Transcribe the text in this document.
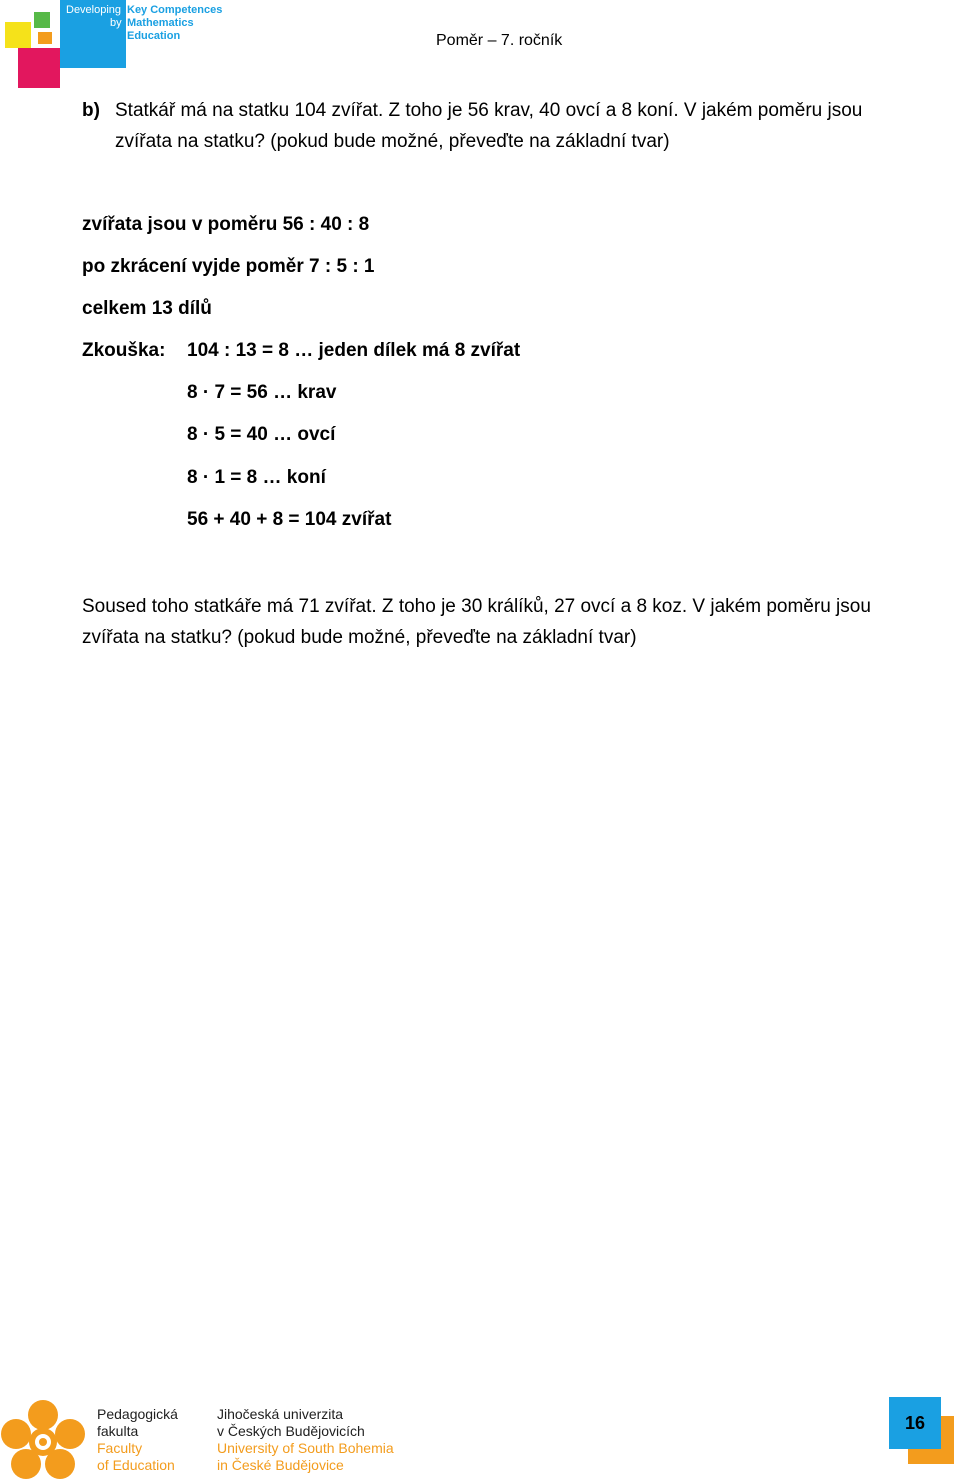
Developing
by
Key Competences
Mathematics
Education	Poměr – 7. ročník
b) Statkář má na statku 104 zvířat. Z toho je 56 krav, 40 ovcí a 8 koní. V jakém poměru jsou
zvířata na statku? (pokud bude možné, převeďte na základní tvar)
zvířata jsou v poměru 56 : 40 : 8
po zkrácení vyjde poměr 7 : 5 : 1
celkem 13 dílů
Zkouška: 104 : 13 = 8 … jeden dílek má 8 zvířat
8 · 7 = 56 … krav
8 · 5 = 40 … ovcí
8 · 1 = 8 … koní
56 + 40 + 8 = 104 zvířat
Soused toho statkáře má 71 zvířat. Z toho je 30 králíků, 27 ovcí a 8 koz. V jakém poměru jsou
zvířata na statku? (pokud bude možné, převeďte na základní tvar)
Pedagogická
fakulta
Faculty
of Education
Jihočeská univerzita
v Českých Budějovicích
University of South Bohemia
in České Budějovice
16
